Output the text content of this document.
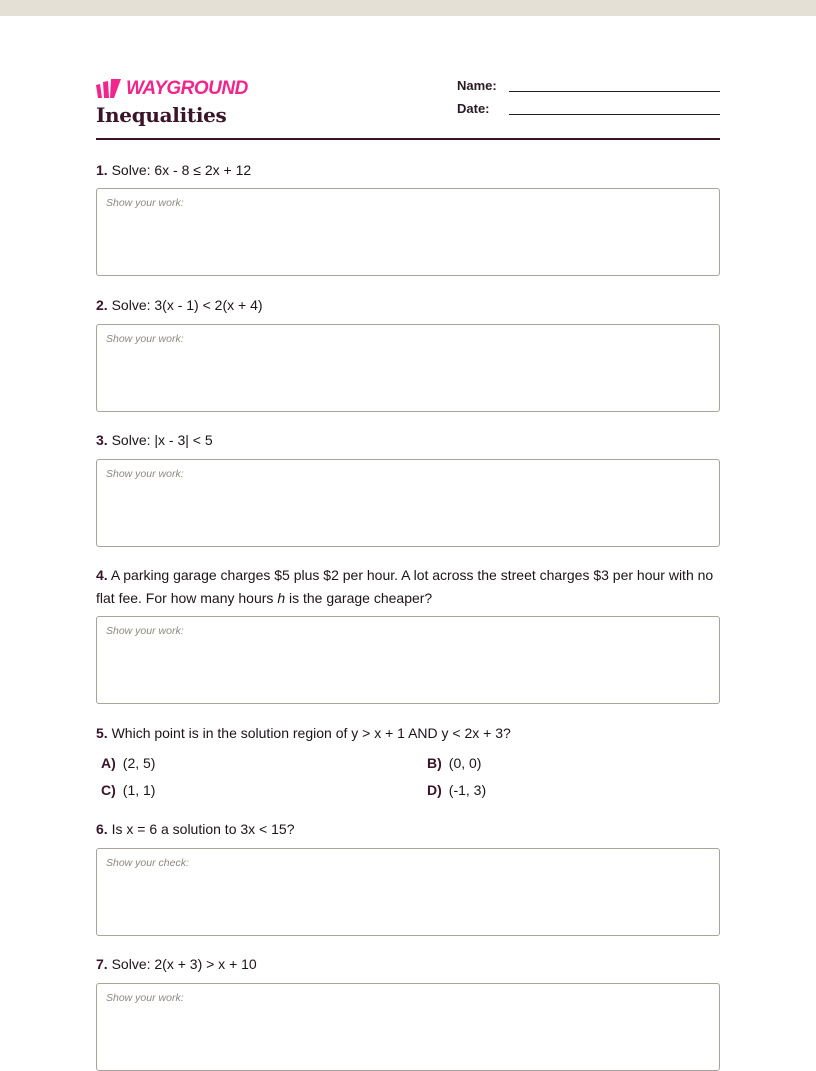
WAYGROUND
Inequalities
Name:
Date:
1. Solve: 6x - 8 ≤ 2x + 12
Show your work:
2. Solve: 3(x - 1) < 2(x + 4)
Show your work:
3. Solve: |x - 3| < 5
Show your work:
4. A parking garage charges $5 plus $2 per hour. A lot across the street charges $3 per hour with no flat fee. For how many hours h is the garage cheaper?
Show your work:
5. Which point is in the solution region of y > x + 1 AND y < 2x + 3?
A) (2, 5)	B) (0, 0)
C) (1, 1)	D) (-1, 3)
6. Is x = 6 a solution to 3x < 15?
Show your check:
7. Solve: 2(x + 3) > x + 10
Show your work:
